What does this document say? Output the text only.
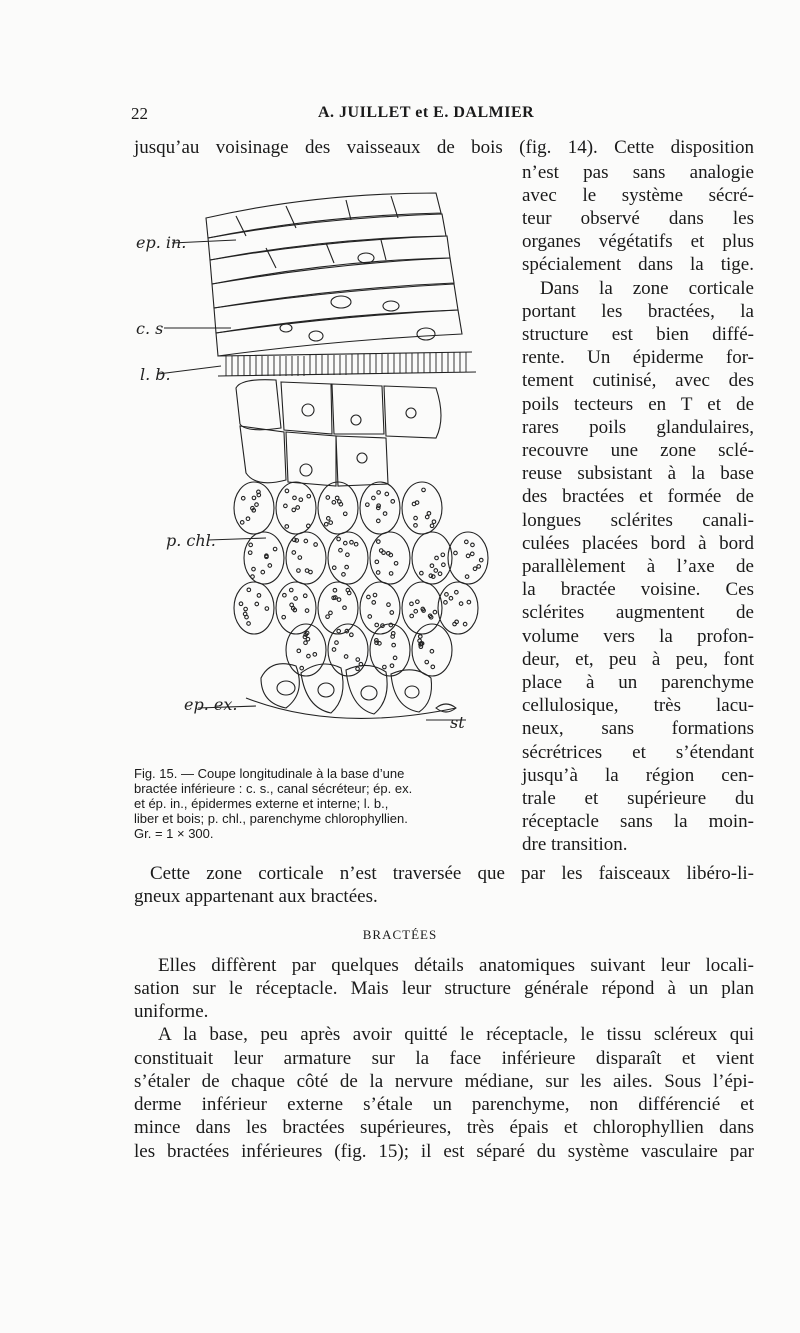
22	A. JUILLET et E. DALMIER
jusqu’au voisinage des vaisseaux de bois (fig. 14). Cette disposition
n’est pas sans analogie
avec le système sécré-
teur observé dans les
organes végétatifs et plus
spécialement dans la tige.
Dans la zone corticale
portant les bractées, la
structure est bien diffé-
rente. Un épiderme for-
tement cutinisé, avec des
poils tecteurs en T et de
rares poils glandulaires,
recouvre une zone sclé-
reuse subsistant à la base
des bractées et formée de
longues sclérites canali-
culées placées bord à bord
parallèlement à l’axe de
la bractée voisine. Ces
sclérites augmentent de
volume vers la profon-
deur, et, peu à peu, font
place à un parenchyme
cellulosique, très lacu-
neux, sans formations
sécrétrices et s’étendant
jusqu’à la région cen-
trale et supérieure du
réceptacle sans la moin-
dre transition.
ep. in.
c. s
l. b.
p. chl.
ep. ex.
st
Fig. 15. — Coupe longitudinale à la base d’une
bractée inférieure : c. s., canal sécréteur; ép. ex.
et ép. in., épidermes externe et interne; l. b.,
liber et bois; p. chl., parenchyme chlorophyllien.
Gr. = 1 × 300.
Cette zone corticale n’est traversée que par les faisceaux libéro-li-
gneux appartenant aux bractées.
BRACTÉES
Elles diffèrent par quelques détails anatomiques suivant leur locali-
sation sur le réceptacle. Mais leur structure générale répond à un plan
uniforme.
A la base, peu après avoir quitté le réceptacle, le tissu scléreux qui
constituait leur armature sur la face inférieure disparaît et vient
s’étaler de chaque côté de la nervure médiane, sur les ailes. Sous l’épi-
derme inférieur externe s’étale un parenchyme, non différencié et
mince dans les bractées supérieures, très épais et chlorophyllien dans
les bractées inférieures (fig. 15); il est séparé du système vasculaire par
